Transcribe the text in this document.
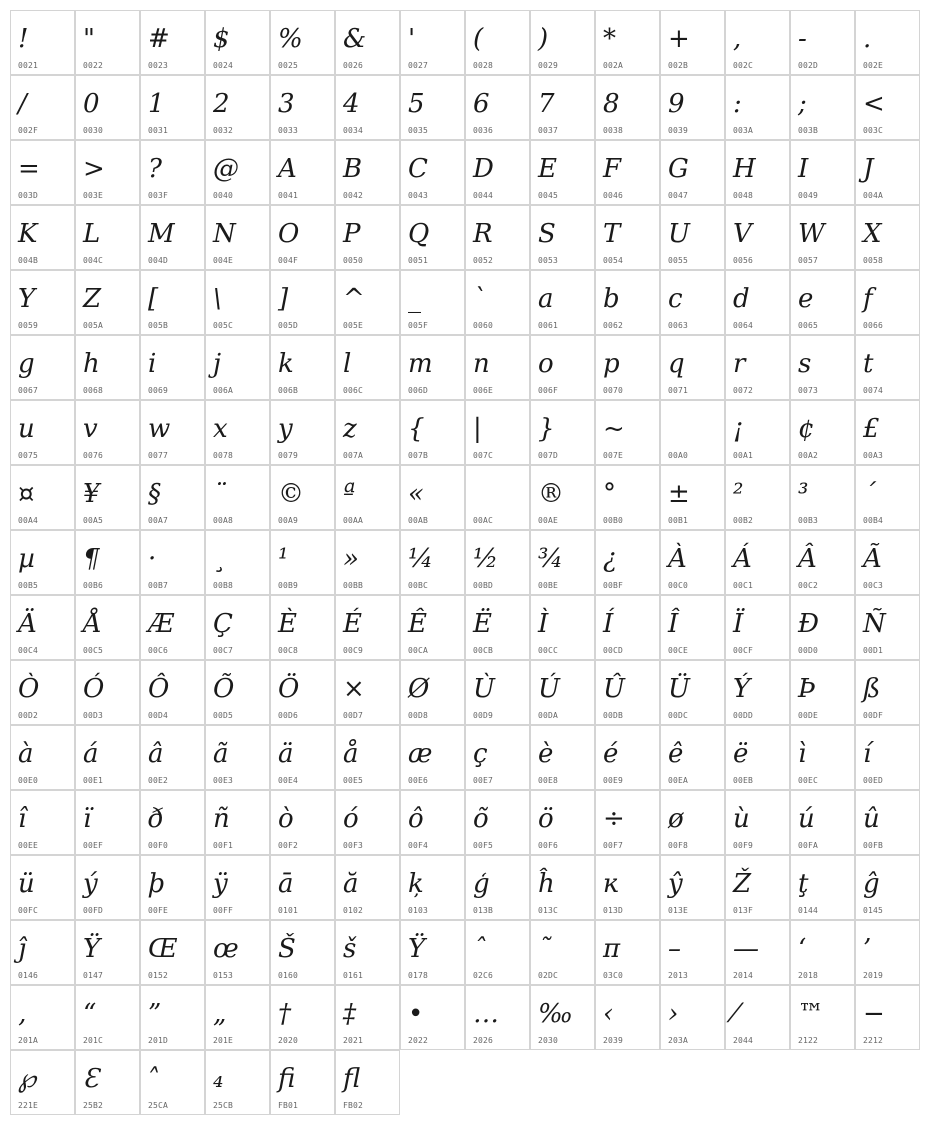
!
0021
"
0022
#
0023
$
0024
%
0025
&
0026
'
0027
(
0028
)
0029
*
002A
+
002B
,
002C
-
002D
.
002E
/
002F
0
0030
1
0031
2
0032
3
0033
4
0034
5
0035
6
0036
7
0037
8
0038
9
0039
:
003A
;
003B
<
003C
=
003D
>
003E
?
003F
@
0040
A
0041
B
0042
C
0043
D
0044
E
0045
F
0046
G
0047
H
0048
I
0049
J
004A
K
004B
L
004C
M
004D
N
004E
O
004F
P
0050
Q
0051
R
0052
S
0053
T
0054
U
0055
V
0056
W
0057
X
0058
Y
0059
Z
005A
[
005B
\
005C
]
005D
^
005E
_
005F
`
0060
a
0061
b
0062
c
0063
d
0064
e
0065
f
0066
g
0067
h
0068
i
0069
j
006A
k
006B
l
006C
m
006D
n
006E
o
006F
p
0070
q
0071
r
0072
s
0073
t
0074
u
0075
v
0076
w
0077
x
0078
y
0079
z
007A
{
007B
|
007C
}
007D
~
007E
	00A0
¡
00A1
¢
00A2
£
00A3
¤
00A4
¥
00A5
§
00A7
¨
00A8
©
00A9
ª
00AA
«
00AB	00AC
®
00AE
°
00B0
±
00B1
²
00B2
³
00B3
´
00B4
µ
00B5
¶
00B6
·
00B7
¸
00B8
¹
00B9
»
00BB
¼
00BC
½
00BD
¾
00BE
¿
00BF
À
00C0
Á
00C1
Â
00C2
Ã
00C3
Ä
00C4
Å
00C5
Æ
00C6
Ç
00C7
È
00C8
É
00C9
Ê
00CA
Ë
00CB
Ì
00CC
Í
00CD
Î
00CE
Ï
00CF
Ð
00D0
Ñ
00D1
Ò
00D2
Ó
00D3
Ô
00D4
Õ
00D5
Ö
00D6
×
00D7
Ø
00D8
Ù
00D9
Ú
00DA
Û
00DB
Ü
00DC
Ý
00DD
Þ
00DE
ß
00DF
à
00E0
á
00E1
â
00E2
ã
00E3
ä
00E4
å
00E5
æ
00E6
ç
00E7
è
00E8
é
00E9
ê
00EA
ë
00EB
ì
00EC
í
00ED
î
00EE
ï
00EF
ð
00F0
ñ
00F1
ò
00F2
ó
00F3
ô
00F4
õ
00F5
ö
00F6
÷
00F7
ø
00F8
ù
00F9
ú
00FA
û
00FB
ü
00FC
ý
00FD
þ
00FE
ÿ
00FF
ā
0101
ă
0102
ķ
0103
ģ
013B
ĥ
013C
ĸ
013D
ŷ
013E
Ž
013F
ţ
0144
ĝ
0145
ĵ
0146
Ÿ
0147
Œ
0152
œ
0153
Š
0160
š
0161
Ÿ
0178
ˆ
02C6
˜
02DC
π
03C0
–
2013
—
2014
‘
2018
’
2019
‚
201A
“
201C
”
201D
„
201E
†
2020
‡
2021
•
2022
…
2026
‰
2030
‹
2039
›
203A
⁄
2044
™
2122
−
2212
℘
221E
Ɛ
25B2
˄
25CA
₄
25CB
ﬁ
FB01
ﬂ
FB02
